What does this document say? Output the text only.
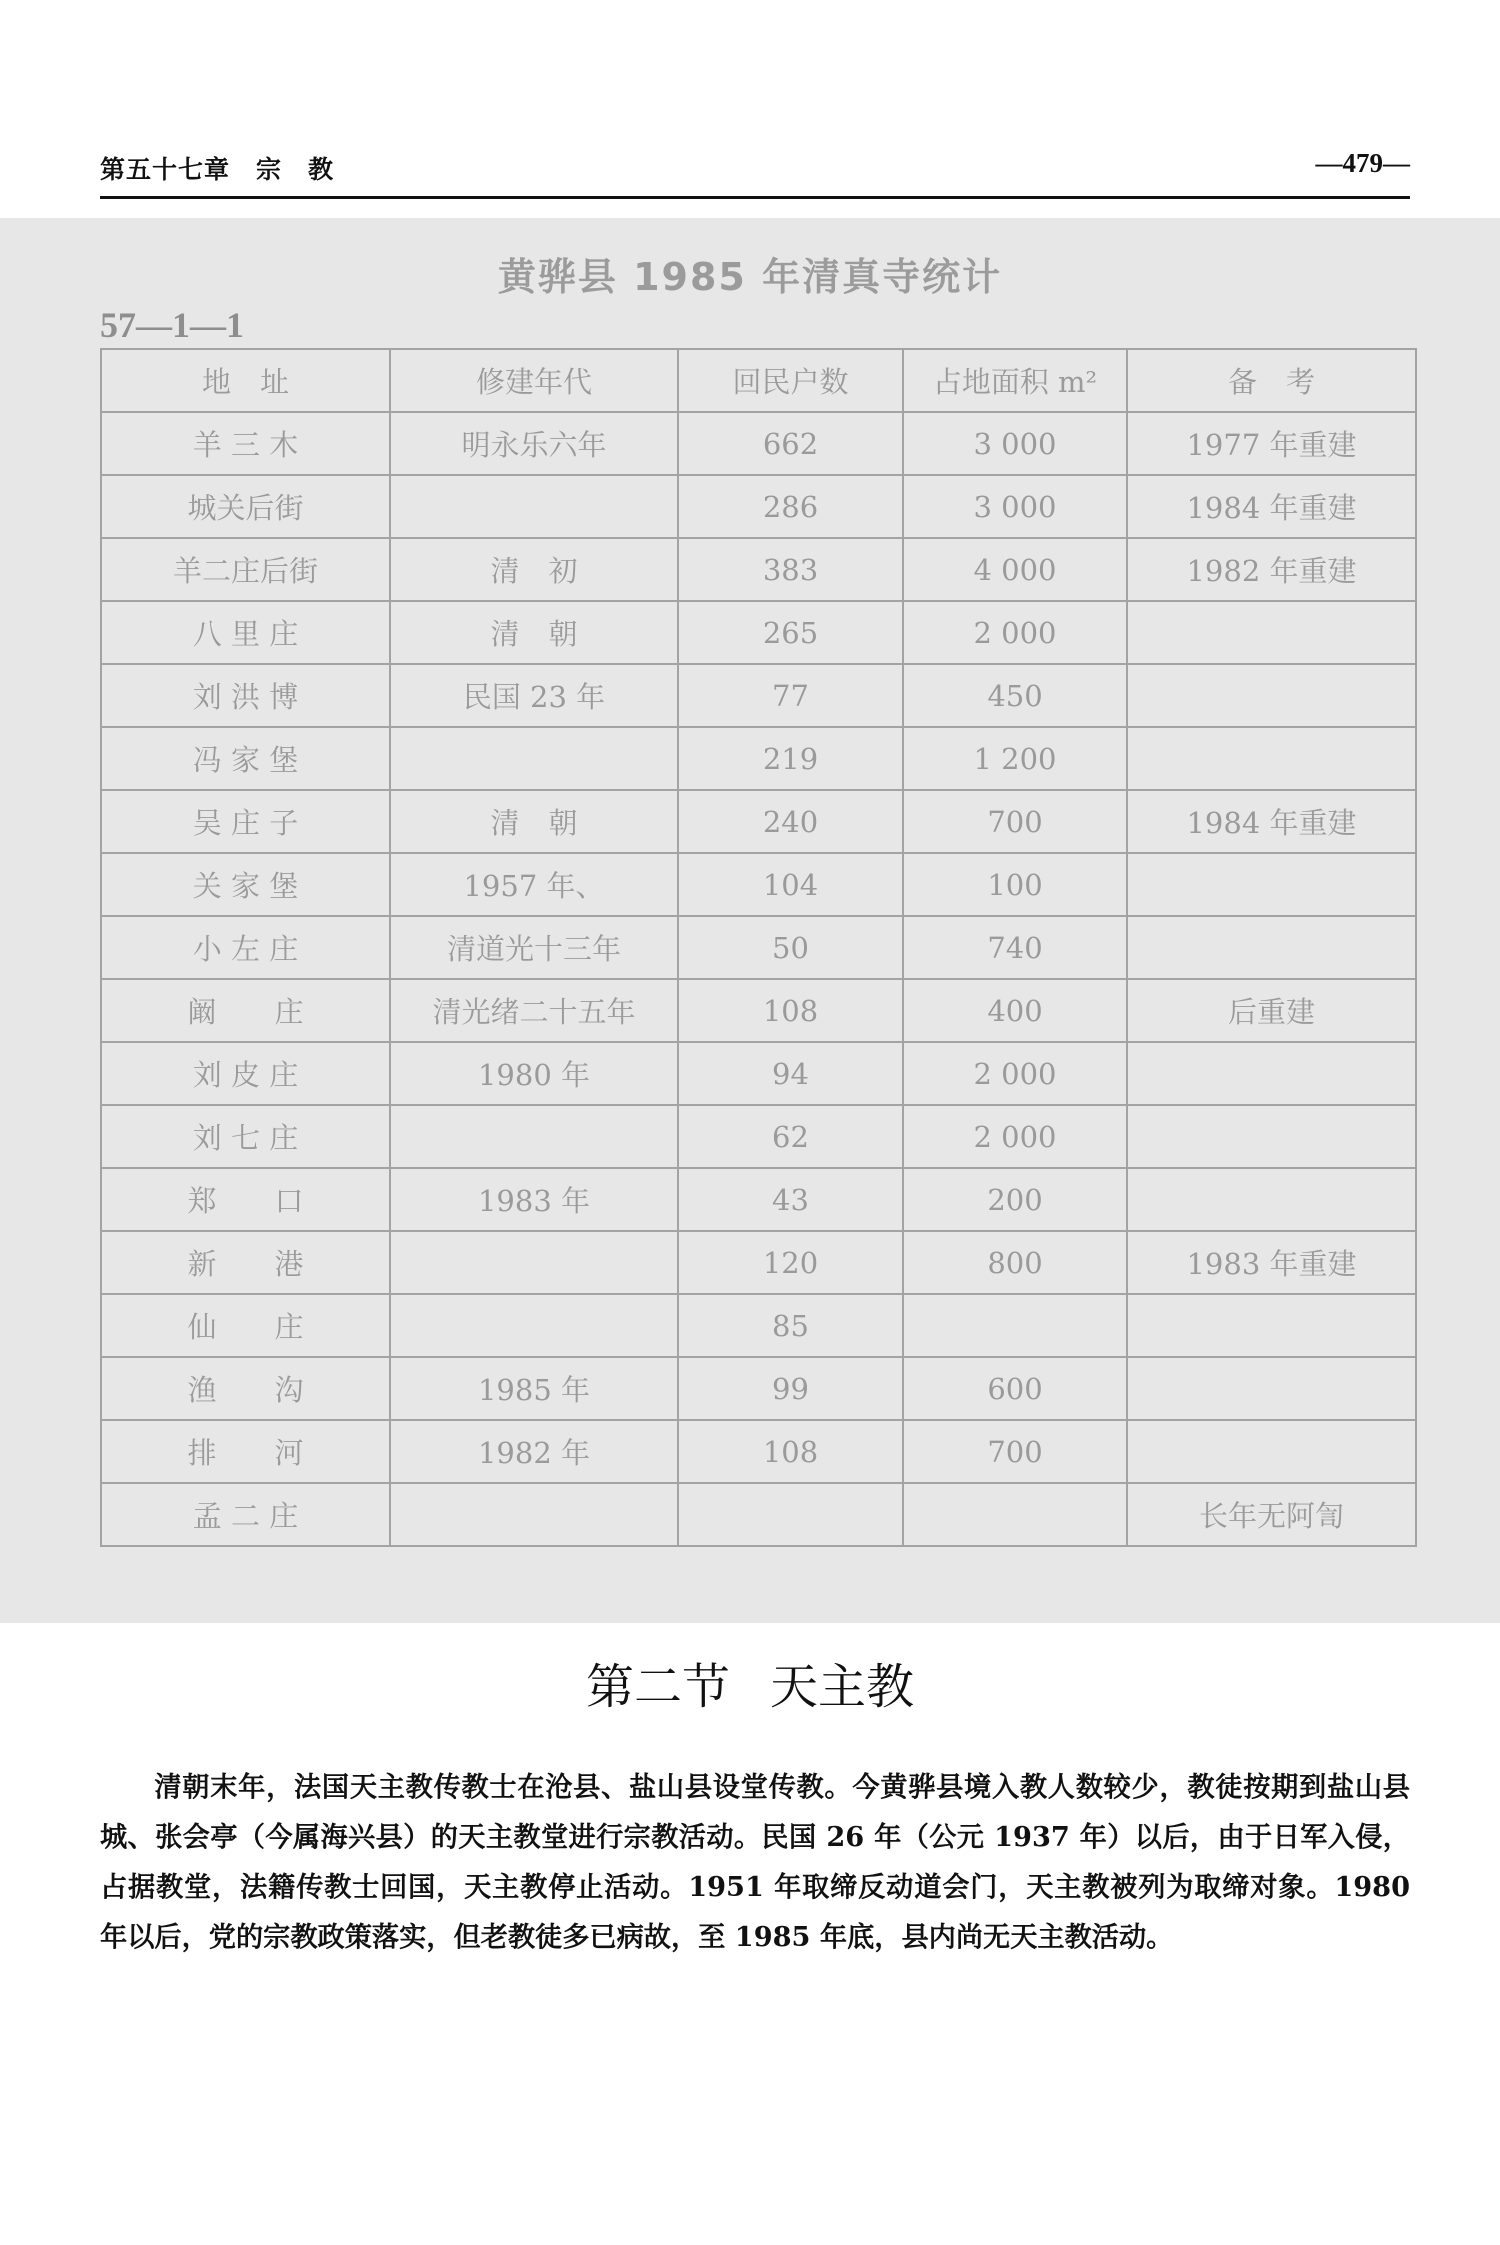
第五十七章　宗　教	—479—
黄骅县 1985 年清真寺统计
57—1—1
地　址	修建年代	回民户数	占地面积 m²	备　考
羊 三 木	明永乐六年	662	3 000	1977 年重建
城关后街		286	3 000	1984 年重建
羊二庄后街	清　初	383	4 000	1982 年重建
八 里 庄	清　朝	265	2 000	
刘 洪 博	民国 23 年	77	450	
冯 家 堡		219	1 200	
吴 庄 子	清　朝	240	700	1984 年重建
关 家 堡	1957 年、	104	100	
小 左 庄	清道光十三年	50	740	
阚　　庄	清光绪二十五年	108	400	后重建
刘 皮 庄	1980 年	94	2 000	
刘 七 庄		62	2 000	
郑　　口	1983 年	43	200	
新　　港		120	800	1983 年重建
仙　　庄		85		
渔　　沟	1985 年	99	600	
排　　河	1982 年	108	700	
孟 二 庄				长年无阿訇
第二节 天主教

清朝末年，法国天主教传教士在沧县、盐山县设堂传教。今黄骅县境入教人数较少，教徒按期到盐山县城、张会亭（今属海兴县）的天主教堂进行宗教活动。民国 26 年（公元 1937 年）以后，由于日军入侵，占据教堂，法籍传教士回国，天主教停止活动。1951 年取缔反动道会门，天主教被列为取缔对象。1980 年以后，党的宗教政策落实，但老教徒多已病故，至 1985 年底，县内尚无天主教活动。
